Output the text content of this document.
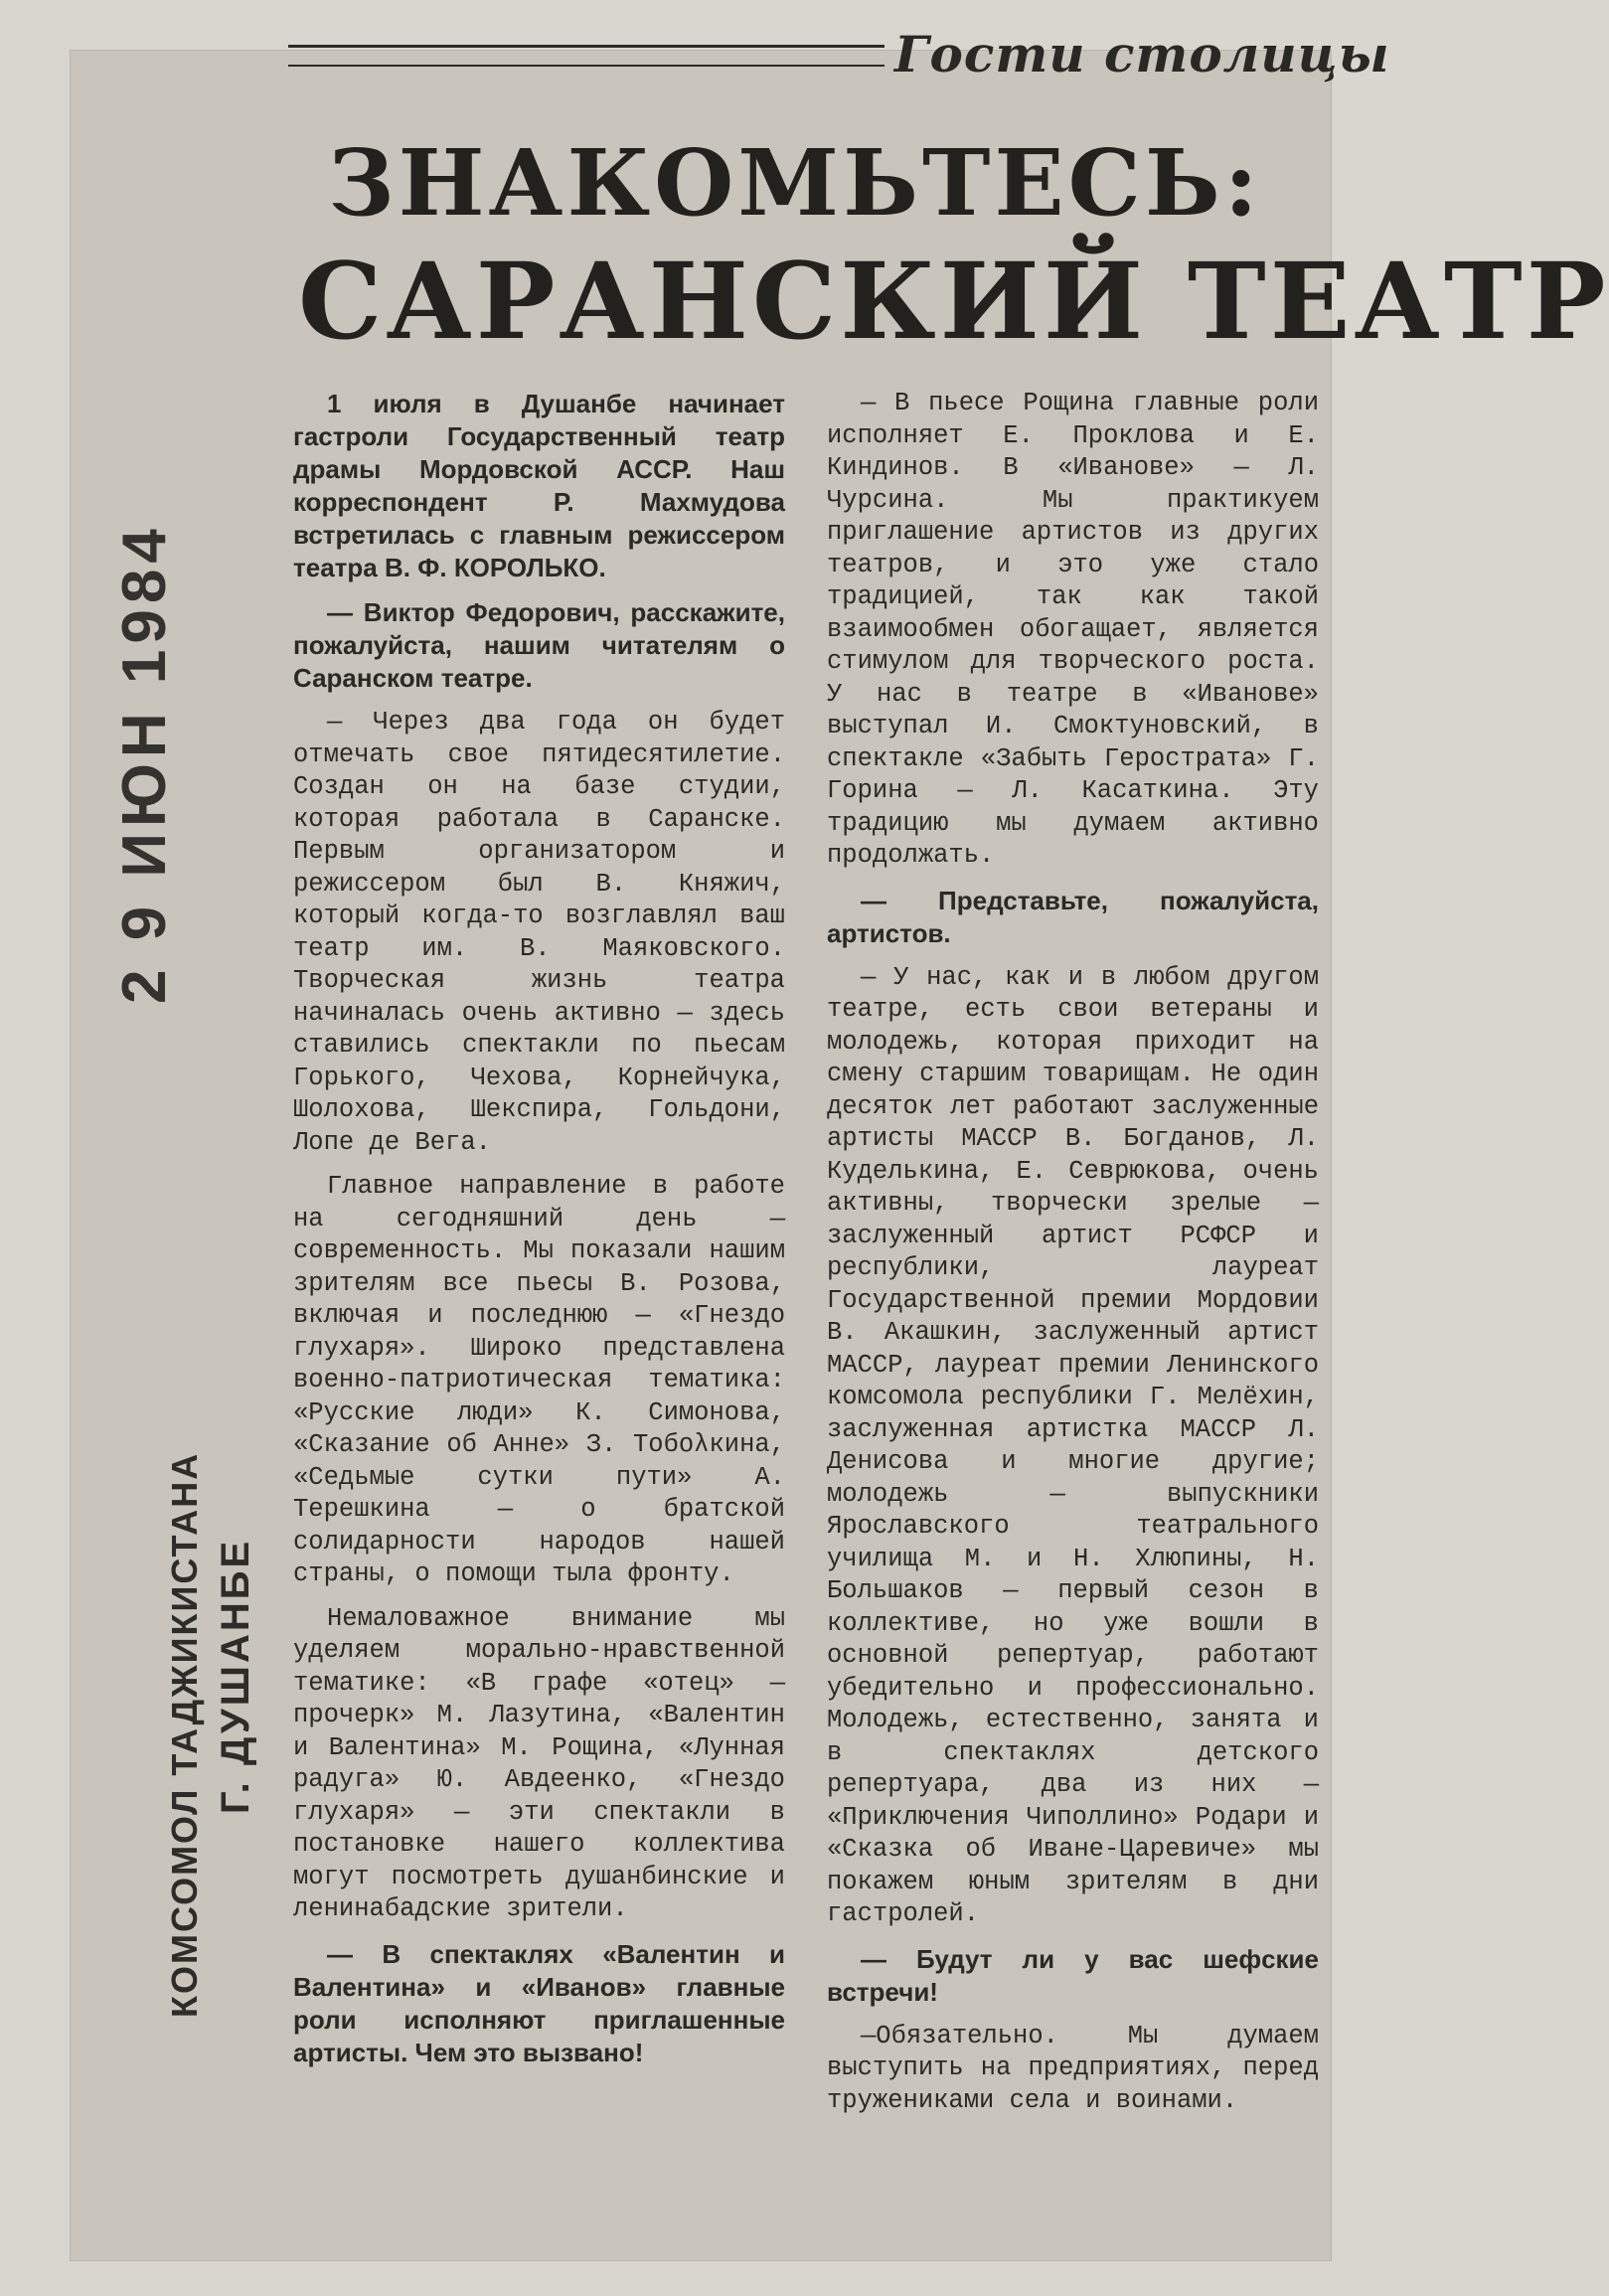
Гости столицы
ЗНАКОМЬТЕСЬ:
САРАНСКИЙ ТЕАТР
2 9 ИЮН 1984
КОМСОМОЛ ТАДЖИКИСТАНА Г. ДУШАНБЕ

1 июля в Душанбе начинает гастроли Государственный театр драмы Мордовской АССР. Наш корреспондент Р. Махмудова встретилась с главным режиссером театра В. Ф. КОРОЛЬКО.

— Виктор Федорович, расскажите, пожалуйста, нашим читателям о Саранском театре.

— Через два года он будет отмечать свое пятидесятилетие. Создан он на базе студии, которая работала в Саранске. Первым организатором и режиссером был В. Княжич, который когда-то возглавлял ваш театр им. В. Маяковского. Творческая жизнь театра начиналась очень активно — здесь ставились спектакли по пьесам Горького, Чехова, Корнейчука, Шолохова, Шекспира, Гольдони, Лопе де Вега.

Главное направление в работе на сегодняшний день — современность. Мы показали нашим зрителям все пьесы В. Розова, включая и последнюю — «Гнездо глухаря». Широко представлена военно-патриотическая тематика: «Русские люди» К. Симонова, «Сказание об Анне» З. Тобολкина, «Седьмые сутки пути» А. Терешкина — о братской солидарности народов нашей страны, о помощи тыла фронту.

Немаловажное внимание мы уделяем морально-нравственной тематике: «В графе «отец» — прочерк» М. Лазутина, «Валентин и Валентина» М. Рощина, «Лунная радуга» Ю. Авдеенко, «Гнездо глухаря» — эти спектакли в постановке нашего коллектива могут посмотреть душанбинские и ленинабадские зрители.

— В спектаклях «Валентин и Валентина» и «Иванов» главные роли исполняют приглашенные артисты. Чем это вызвано!

— В пьесе Рощина главные роли исполняет Е. Проклова и Е. Киндинов. В «Иванове» — Л. Чурсина. Мы практикуем приглашение артистов из других театров, и это уже стало традицией, так как такой взаимообмен обогащает, является стимулом для творческого роста. У нас в театре в «Иванове» выступал И. Смоктуновский, в спектакле «Забыть Герострата» Г. Горина — Л. Касаткина. Эту традицию мы думаем активно продолжать.

— Представьте, пожалуйста, артистов.

— У нас, как и в любом другом театре, есть свои ветераны и молодежь, которая приходит на смену старшим товарищам. Не один десяток лет работают заслуженные артисты МАССР В. Богданов, Л. Куделькина, Е. Севрюкова, очень активны, творчески зрелые — заслуженный артист РСФСР и республики, лауреат Государственной премии Мордовии В. Акашкин, заслуженный артист МАССР, лауреат премии Ленинского комсомола республики Г. Мелёхин, заслуженная артистка МАССР Л. Денисова и многие другие; молодежь — выпускники Ярославского театрального училища М. и Н. Хлюпины, Н. Большаков — первый сезон в коллективе, но уже вошли в основной репертуар, работают убедительно и профессионально. Молодежь, естественно, занята и в спектаклях детского репертуара, два из них — «Приключения Чиполлино» Родари и «Сказка об Иване-Царевиче» мы покажем юным зрителям в дни гастролей.

— Будут ли у вас шефские встречи!

—Обязательно. Мы думаем выступить на предприятиях, перед тружениками села и воинами.
